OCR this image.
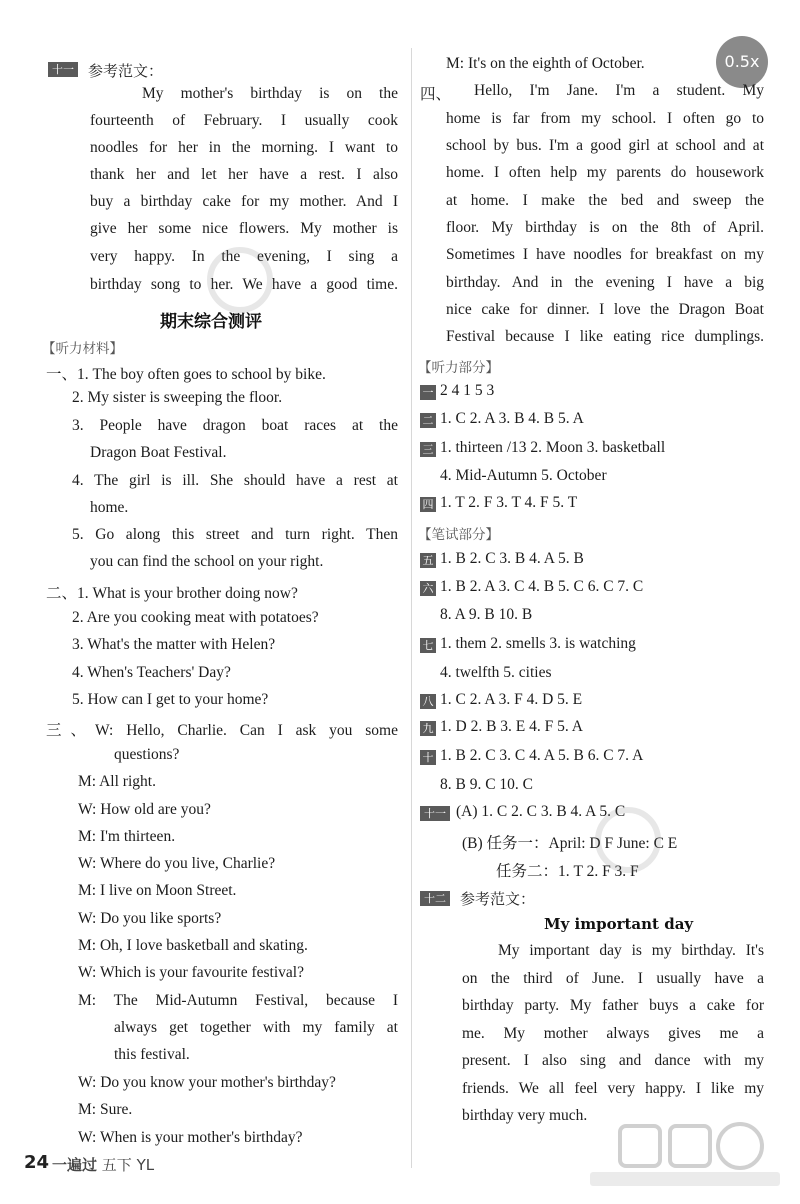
0.5x
十一 参考范文：
My mother's birthday is on the
fourteenth of February. I usually cook
noodles for her in the morning. I want to
thank her and let her have a rest. I also
buy a birthday cake for my mother. And I
give her some nice flowers. My mother is
very happy. In the evening, I sing a
birthday song to her. We have a good time.
期末综合测评
【听力材料】
一、1. The boy often goes to school by bike.
2. My sister is sweeping the floor.
3. People have dragon boat races at the
Dragon Boat Festival.
4. The girl is ill. She should have a rest at
home.
5. Go along this street and turn right. Then
you can find the school on your right.
二、1. What is your brother doing now?
2. Are you cooking meat with potatoes?
3. What's the matter with Helen?
4. When's Teachers' Day?
5. How can I get to your home?
三、W: Hello, Charlie. Can I ask you some
questions?
M: All right.
W: How old are you?
M: I'm thirteen.
W: Where do you live, Charlie?
M: I live on Moon Street.
W: Do you like sports?
M: Oh, I love basketball and skating.
W: Which is your favourite festival?
M: The Mid-Autumn Festival, because I
always get together with my family at
this festival.
W: Do you know your mother's birthday?
M: Sure.
W: When is your mother's birthday?
M: It's on the eighth of October.
四、 Hello, I'm Jane. I'm a student. My
home is far from my school. I often go to
school by bus. I'm a good girl at school and at
home. I often help my parents do housework
at home. I make the bed and sweep the
floor. My birthday is on the 8th of April.
Sometimes I have noodles for breakfast on my
birthday. And in the evening I have a big
nice cake for dinner. I love the Dragon Boat
Festival because I like eating rice dumplings.
【听力部分】
一 2 4 1 5 3
二 1. C 2. A 3. B 4. B 5. A
三 1. thirteen /13 2. Moon 3. basketball
4. Mid-Autumn 5. October
四 1. T 2. F 3. T 4. F 5. T
【笔试部分】
五 1. B 2. C 3. B 4. A 5. B
六 1. B 2. A 3. C 4. B 5. C 6. C 7. C
8. A 9. B 10. B
七 1. them 2. smells 3. is watching
4. twelfth 5. cities
八 1. C 2. A 3. F 4. D 5. E
九 1. D 2. B 3. E 4. F 5. A
十 1. B 2. C 3. C 4. A 5. B 6. C 7. A
8. B 9. C 10. C
十一 (A) 1. C 2. C 3. B 4. A 5. C
(B) 任务一：April: D F June: C E
任务二：1. T 2. F 3. F
十二 参考范文：
My important day
My important day is my birthday. It's
on the third of June. I usually have a
birthday party. My father buys a cake for
me. My mother always gives me a
present. I also sing and dance with my
friends. We all feel very happy. I like my
birthday very much.
24 一遍过 五下 YL
